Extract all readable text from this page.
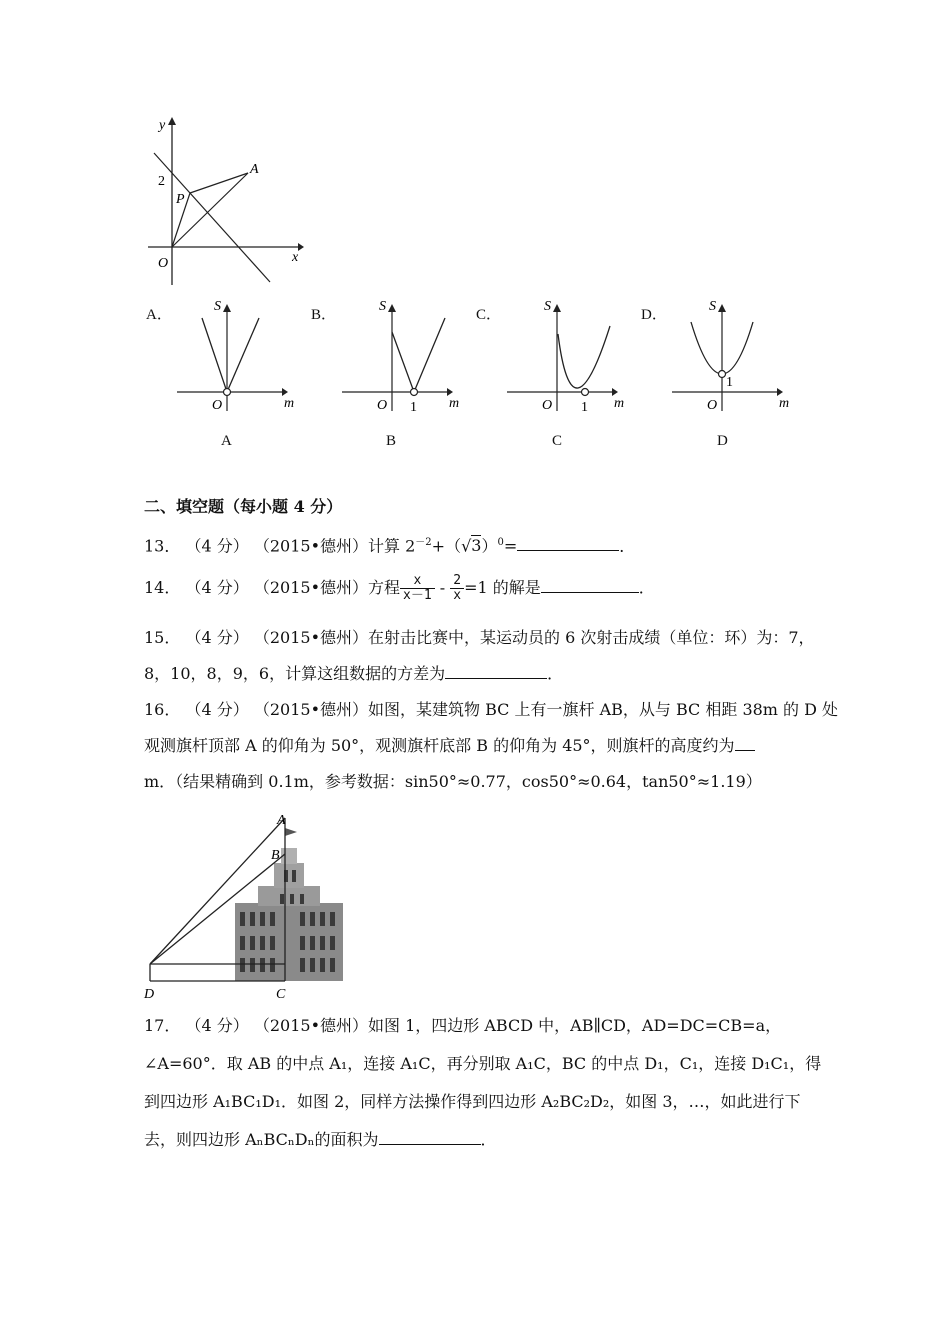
y
x
O
2
P
A
A．	B．	C．	D．
S
O	m
A
S
O 1 m
B
S
O 1 m
C
S
O
1
m
D
二、填空题（每小题 4 分）
13． （4 分） （2015•德州）计算 $2^{-2}+(√3)^0=$	．
14． （4 分） （2015•德州）方程 $\frac{x}{x-1} - \frac{2}{x} =1$ 的解是	．
15． （4 分） （2015•德州）在射击比赛中，某运动员的 6 次射击成绩（单位：环）为：7，
8，10，8，9，6，计算这组数据的方差为	．
16． （4 分） （2015•德州）如图，某建筑物 BC 上有一旗杆 AB，从与 BC 相距 38m 的 D 处
观测旗杆顶部 A 的仰角为 50°，观测旗杆底部 B 的仰角为 45°，则旗杆的高度约为
m．（结果精确到 0.1m，参考数据：sin50°≈0.77，cos50°≈0.64，tan50°≈1.19）
A
B
C
D
17． （4 分） （2015•德州）如图 1，四边形 ABCD 中，AB∥CD，AD=DC=CB=a，
∠A=60°．取 AB 的中点 A₁，连接 A₁C，再分别取 A₁C，BC 的中点 D₁，C₁，连接 D₁C₁，得
到四边形 A₁BC₁D₁．如图 2，同样方法操作得到四边形 A₂BC₂D₂，如图 3，…，如此进行下
去，则四边形 AₙBCₙDₙ的面积为	．
